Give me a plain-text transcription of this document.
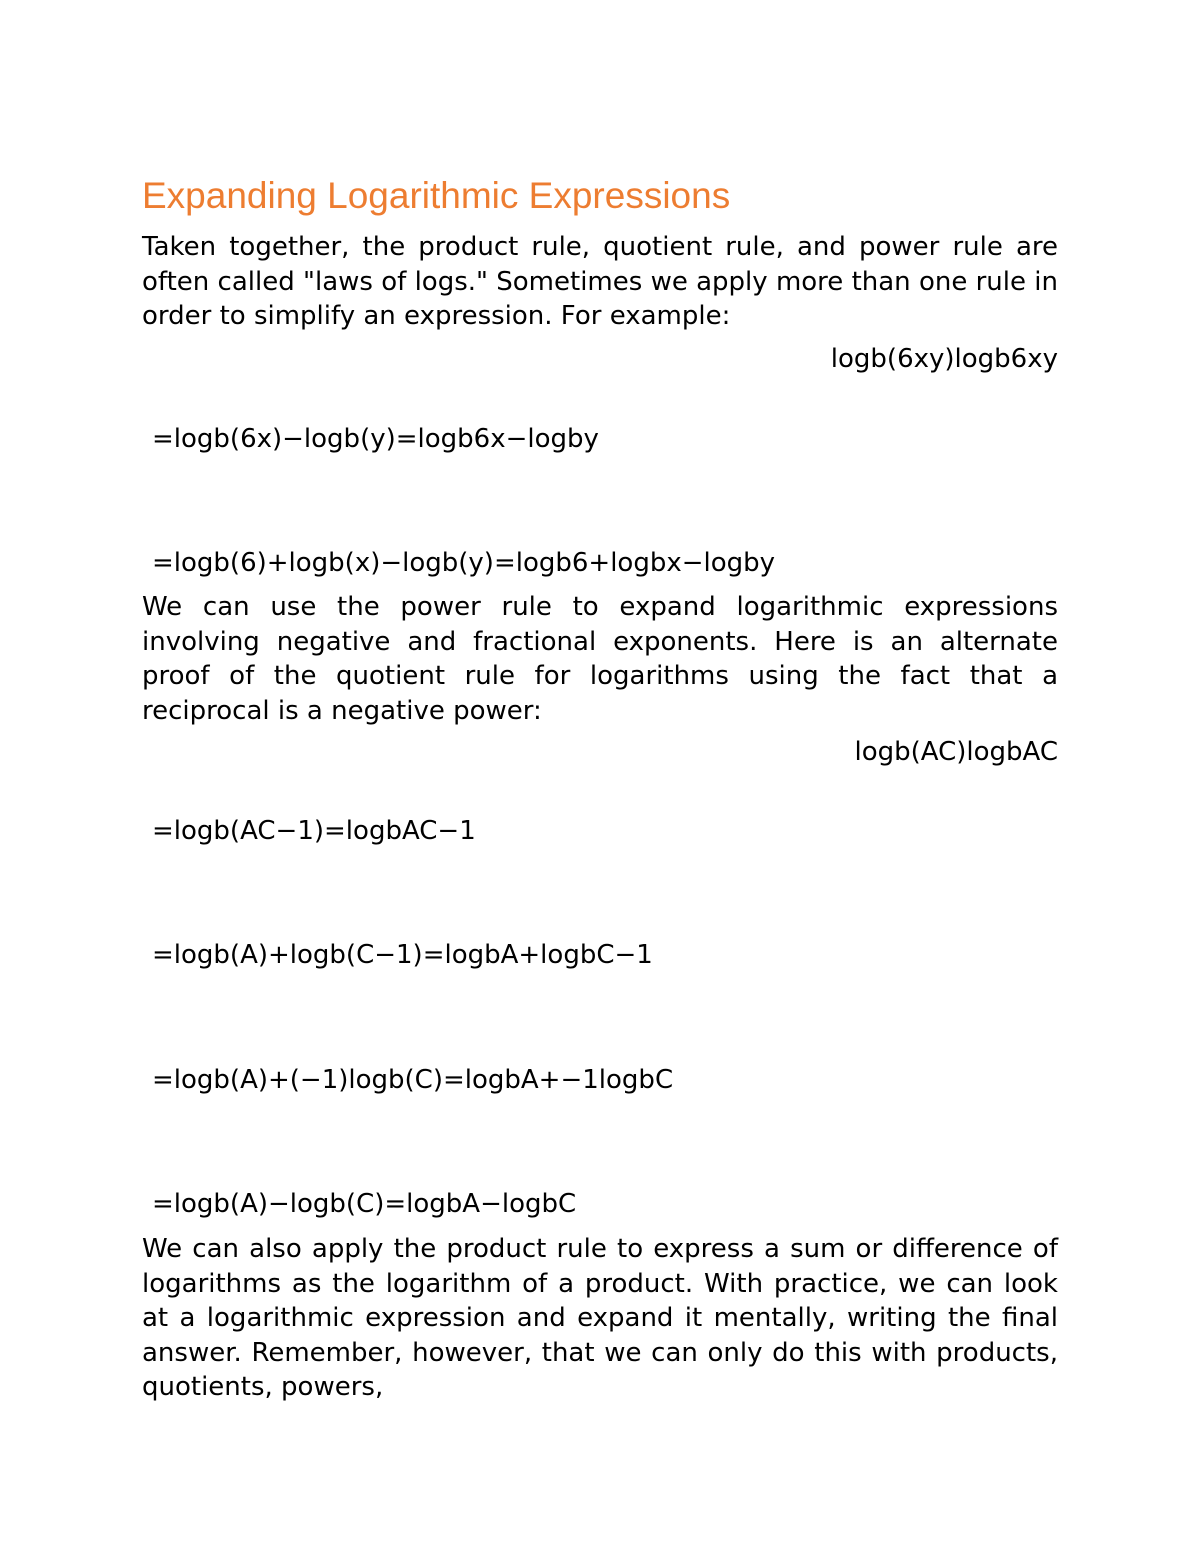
Expanding Logarithmic Expressions

Taken together, the product rule, quotient rule, and power rule are often called "laws of logs." Sometimes we apply more than one rule in order to simplify an expression. For example:

logb(6xy)logb6xy

=logb(6x)−logb(y)=logb6x−logby

=logb(6)+logb(x)−logb(y)=logb6+logbx−logby

We can use the power rule to expand logarithmic expressions involving negative and fractional exponents. Here is an alternate proof of the quotient rule for logarithms using the fact that a reciprocal is a negative power:

logb(AC)logbAC

=logb(AC−1)=logbAC−1

=logb(A)+logb(C−1)=logbA+logbC−1

=logb(A)+(−1)logb(C)=logbA+−1logbC

=logb(A)−logb(C)=logbA−logbC

We can also apply the product rule to express a sum or difference of logarithms as the logarithm of a product. With practice, we can look at a logarithmic expression and expand it mentally, writing the final answer. Remember, however, that we can only do this with products, quotients, powers,
